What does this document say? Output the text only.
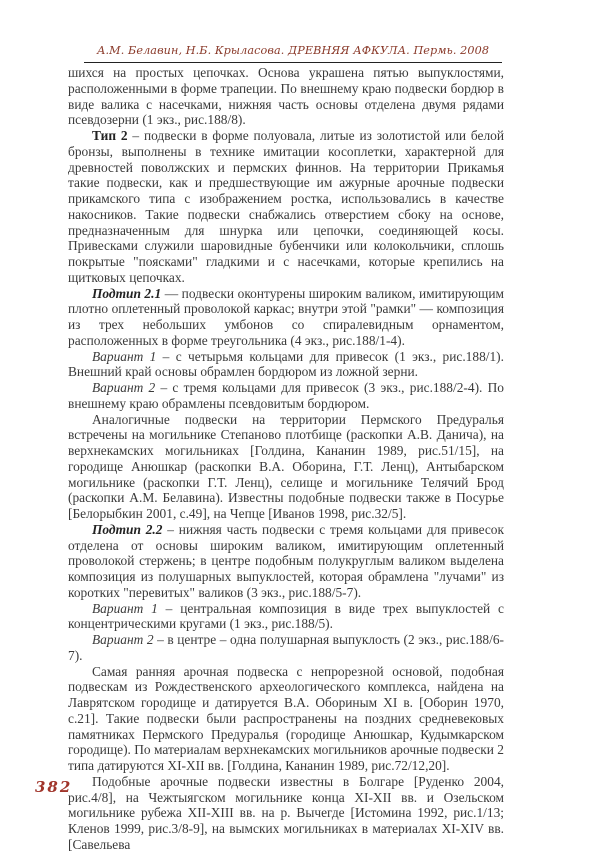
А.М. Белавин, Н.Б. Крыласова. ДРЕВНЯЯ АФКУЛА. Пермь. 2008

шихся на простых цепочках. Основа украшена пятью выпуклостями, расположенными в форме трапеции. По внешнему краю подвески бордюр в виде валика с насечками, нижняя часть основы отделена двумя рядами псевдозерни (1 экз., рис.188/8).

Тип 2 – подвески в форме полуовала, литые из золотистой или белой бронзы, выполнены в технике имитации косоплетки, характерной для древностей поволжских и пермских финнов. На территории Прикамья такие подвески, как и предшествующие им ажурные арочные подвески прикамского типа с изображением ростка, использовались в качестве накосников. Такие подвески снабжались отверстием сбоку на основе, предназначенным для шнурка или цепочки, соединяющей косы. Привесками служили шаровидные бубенчики или колокольчики, сплошь покрытые "поясками" гладкими и с насечками, которые крепились на щитковых цепочках.

Подтип 2.1 — подвески оконтурены широким валиком, имитирующим плотно оплетенный проволокой каркас; внутри этой "рамки" — композиция из трех небольших умбонов со спиралевидным орнаментом, расположенных в форме треугольника (4 экз., рис.188/1-4).

Вариант 1 – с четырьмя кольцами для привесок (1 экз., рис.188/1). Внешний край основы обрамлен бордюром из ложной зерни.

Вариант 2 – с тремя кольцами для привесок (3 экз., рис.188/2-4). По внешнему краю обрамлены псевдовитым бордюром.

Аналогичные подвески на территории Пермского Предуралья встречены на могильнике Степаново плотбище (раскопки А.В. Данича), на верхнекамских могильниках [Голдина, Кананин 1989, рис.51/15], на городище Анюшкар (раскопки В.А. Оборина, Г.Т. Ленц), Антыбарском могильнике (раскопки Г.Т. Ленц), селище и могильнике Телячий Брод (раскопки А.М. Белавина). Известны подобные подвески также в Посурье [Белорыбкин 2001, с.49], на Чепце [Иванов 1998, рис.32/5].

Подтип 2.2 – нижняя часть подвески с тремя кольцами для привесок отделена от основы широким валиком, имитирующим оплетенный проволокой стержень; в центре подобным полукруглым валиком выделена композиция из полушарных выпуклостей, которая обрамлена "лучами" из коротких "перевитых" валиков (3 экз., рис.188/5-7).

Вариант 1 – центральная композиция в виде трех выпуклостей с концентрическими кругами (1 экз., рис.188/5).

Вариант 2 – в центре – одна полушарная выпуклость (2 экз., рис.188/6-7).

Самая ранняя арочная подвеска с непрорезной основой, подобная подвескам из Рождественского археологического комплекса, найдена на Лаврятском городище и датируется В.А. Обориным XI в. [Оборин 1970, с.21]. Такие подвески были распространены на поздних средневековых памятниках Пермского Предуралья (городище Анюшкар, Кудымкарском городище). По материалам верхнекамских могильников арочные подвески 2 типа датируются XI-XII вв. [Голдина, Кананин 1989, рис.72/12,20].

Подобные арочные подвески известны в Болгаре [Руденко 2004, рис.4/8], на Чежтыягском могильнике конца XI-XII вв. и Озельском могильнике рубежа XII-XIII вв. на р. Вычегде [Истомина 1992, рис.1/13; Кленов 1999, рис.3/8-9], на вымских могильниках в материалах XI-XIV вв. [Савельева

382
